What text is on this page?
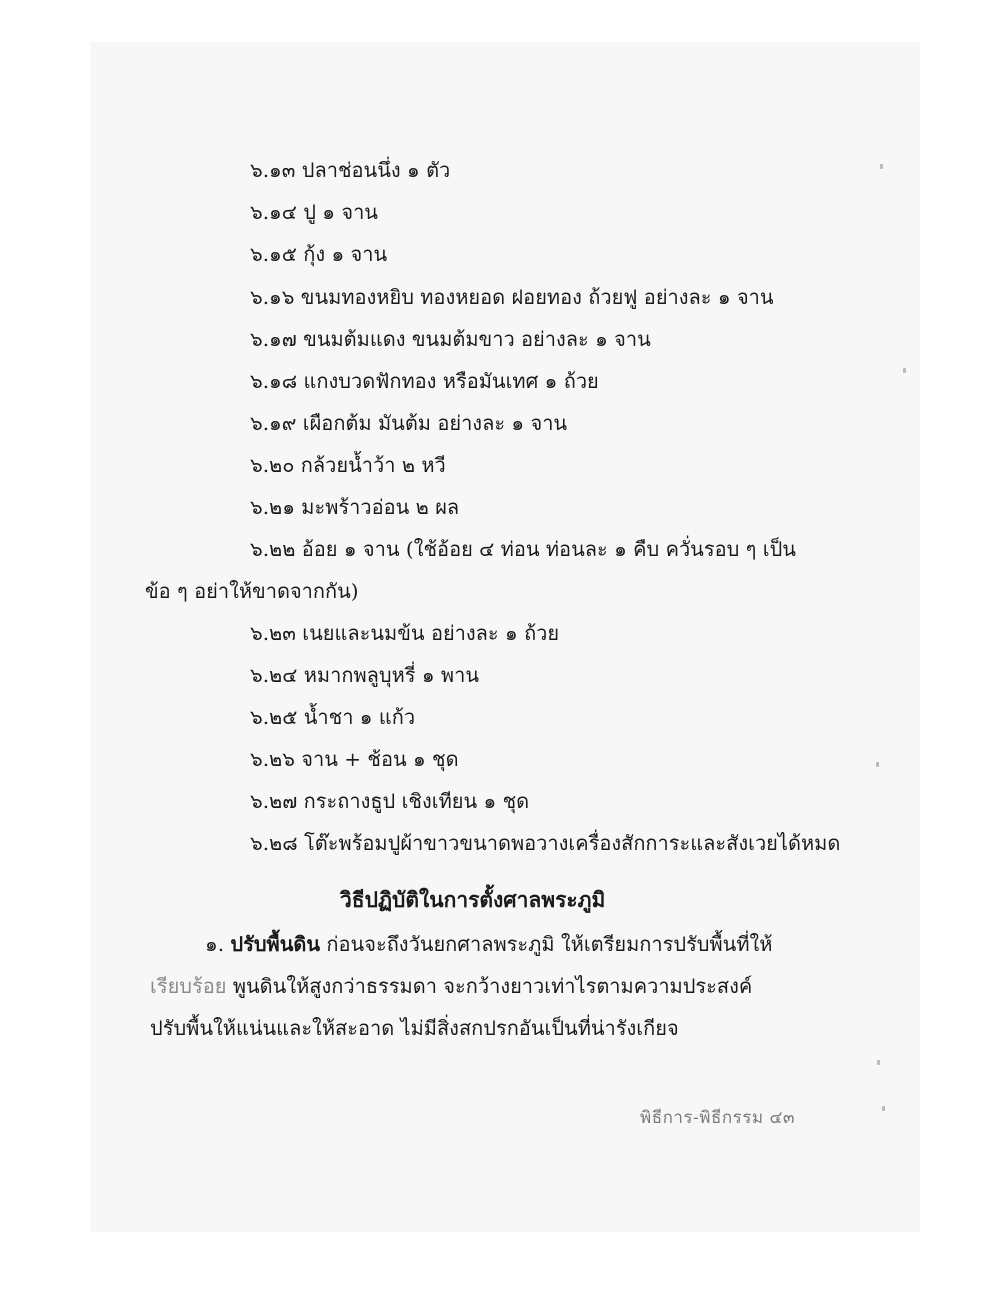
๖.๑๓ ปลาช่อนนึ่ง ๑ ตัว
๖.๑๔ ปู ๑ จาน
๖.๑๕ กุ้ง ๑ จาน
๖.๑๖ ขนมทองหยิบ ทองหยอด ฝอยทอง ถ้วยฟู อย่างละ ๑ จาน
๖.๑๗ ขนมต้มแดง ขนมต้มขาว อย่างละ ๑ จาน
๖.๑๘ แกงบวดฟักทอง หรือมันเทศ ๑ ถ้วย
๖.๑๙ เผือกต้ม มันต้ม อย่างละ ๑ จาน
๖.๒๐ กล้วยน้ำว้า ๒ หวี
๖.๒๑ มะพร้าวอ่อน ๒ ผล
๖.๒๒ อ้อย ๑ จาน (ใช้อ้อย ๔ ท่อน ท่อนละ ๑ คืบ ควั่นรอบ ๆ เป็น
ข้อ ๆ อย่าให้ขาดจากกัน)
๖.๒๓ เนยและนมข้น อย่างละ ๑ ถ้วย
๖.๒๔ หมากพลูบุหรี่ ๑ พาน
๖.๒๕ น้ำชา ๑ แก้ว
๖.๒๖ จาน + ช้อน ๑ ชุด
๖.๒๗ กระถางธูป เชิงเทียน ๑ ชุด
๖.๒๘ โต๊ะพร้อมปูผ้าขาวขนาดพอวางเครื่องสักการะและสังเวยได้หมด
วิธีปฏิบัติในการตั้งศาลพระภูมิ
๑. ปรับพื้นดิน ก่อนจะถึงวันยกศาลพระภูมิ ให้เตรียมการปรับพื้นที่ให้
เรียบร้อย พูนดินให้สูงกว่าธรรมดา จะกว้างยาวเท่าไรตามความประสงค์
ปรับพื้นให้แน่นและให้สะอาด ไม่มีสิ่งสกปรกอันเป็นที่น่ารังเกียจ
พิธีการ-พิธีกรรม ๔๓
